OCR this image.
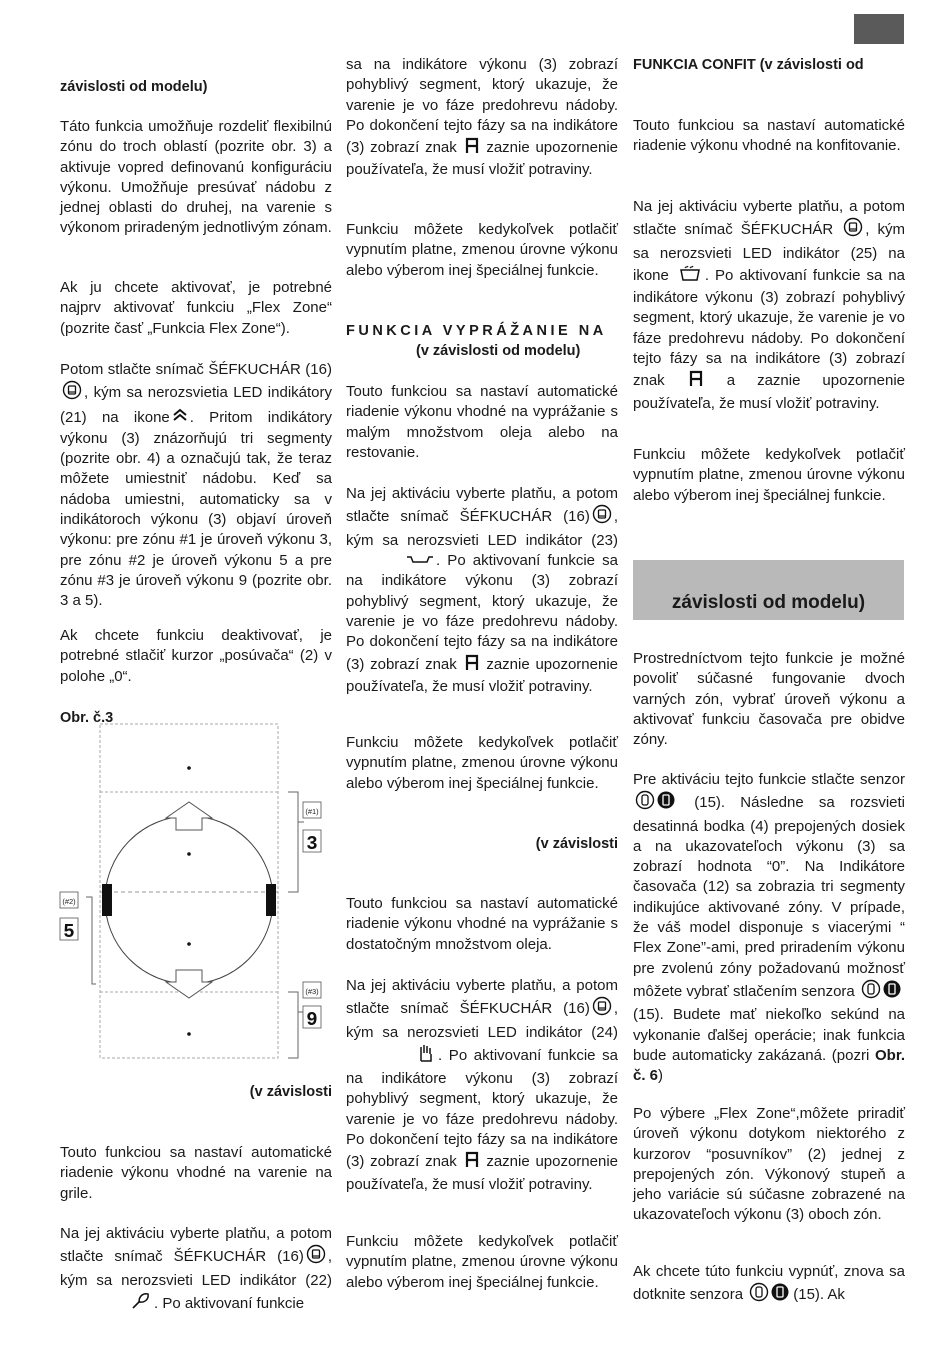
závislosti od modelu)
Táto funkcia umožňuje rozdeliť flexibilnú zónu do troch oblastí (pozrite obr. 3) a aktivuje vopred definovanú konfiguráciu výkonu. Umožňuje presúvať nádobu z jednej oblasti do druhej, na varenie s výkonom priradeným jednotlivým zónam.
Ak ju chcete aktivovať, je potrebné najprv aktivovať funkciu „Flex Zone“ (pozrite časť „Funkcia Flex Zone“).
Potom stlačte snímač ŠÉFKUCHÁR (16), kým sa nerozsvietia LED indikátory (21) na ikone . Pritom indikátory výkonu (3) znázorňujú tri segmenty (pozrite obr. 4) a označujú tak, že teraz môžete umiestniť nádobu. Keď sa nádoba umiestni, automaticky sa v indikátoroch výkonu (3) objaví úroveň výkonu: pre zónu #1 je úroveň výkonu 3, pre zónu #2 je úroveň výkonu 5 a pre zónu #3 je úroveň výkonu 9 (pozrite obr. 3 a 5).
Ak chcete funkciu deaktivovať, je potrebné stlačiť kurzor „posúvača“ (2) v polohe „0“.
Obr. č.3
(v závislosti
Touto funkciou sa nastaví automatické riadenie výkonu vhodné na varenie na grile.
Na jej aktiváciu vyberte platňu, a potom stlačte snímač ŠÉFKUCHÁR (16) , kým sa nerozsvieti LED indikátor (22) . Po aktivovaní funkcie
(#1)
3
(#2)
5
(#3)
9
sa na indikátore výkonu (3) zobrazí pohyblivý segment, ktorý ukazuje, že varenie je vo fáze predohrevu nádoby. Po dokončení tejto fázy sa na indikátore (3) zobrazí znak zaznie upozornenie používateľa, že musí vložiť potraviny.
Funkciu môžete kedykoľvek potlačiť vypnutím platne, zmenou úrovne výkonu alebo výberom inej špeciálnej funkcie.
FUNKCIA VYPRÁŽANIE NA
(v závislosti od modelu)
Touto funkciou sa nastaví automatické riadenie výkonu vhodné na vyprážanie s malým množstvom oleja alebo na restovanie.
Na jej aktiváciu vyberte platňu, a potom stlačte snímač ŠÉFKUCHÁR (16) , kým sa nerozsvieti LED indikátor (23) . Po aktivovaní funkcie sa na indikátore výkonu (3) zobrazí pohyblivý segment, ktorý ukazuje, že varenie je vo fáze predohrevu nádoby. Po dokončení tejto fázy sa na indikátore (3) zobrazí znak zaznie upozornenie používateľa, že musí vložiť potraviny.
Funkciu môžete kedykoľvek potlačiť vypnutím platne, zmenou úrovne výkonu alebo výberom inej špeciálnej funkcie.
(v závislosti
Touto funkciou sa nastaví automatické riadenie výkonu vhodné na vyprážanie s dostatočným množstvom oleja.
Na jej aktiváciu vyberte platňu, a potom stlačte snímač ŠÉFKUCHÁR (16) , kým sa nerozsvieti LED indikátor (24) . Po aktivovaní funkcie sa na indikátore výkonu (3) zobrazí pohyblivý segment, ktorý ukazuje, že varenie je vo fáze predohrevu nádoby. Po dokončení tejto fázy sa na indikátore (3) zobrazí znak zaznie upozornenie používateľa, že musí vložiť potraviny.
Funkciu môžete kedykoľvek potlačiť vypnutím platne, zmenou úrovne výkonu alebo výberom inej špeciálnej funkcie.
FUNKCIA CONFIT (v závislosti od
Touto funkciou sa nastaví automatické riadenie výkonu vhodné na konfitovanie.
Na jej aktiváciu vyberte platňu, a potom stlačte snímač ŠÉFKUCHÁR , kým sa nerozsvieti LED indikátor (25) na ikone . Po aktivovaní funkcie sa na indikátore výkonu (3) zobrazí pohyblivý segment, ktorý ukazuje, že varenie je vo fáze predohrevu nádoby. Po dokončení tejto fázy sa na indikátore (3) zobrazí znak	a zaznie upozornenie používateľa, že musí vložiť potraviny.
Funkciu môžete kedykoľvek potlačiť vypnutím platne, zmenou úrovne výkonu alebo výberom inej špeciálnej funkcie.
Prostredníctvom tejto funkcie je možné povoliť súčasné fungovanie dvoch varných zón, vybrať úroveň výkonu a aktivovať funkciu časovača pre obidve zóny.
Pre aktiváciu tejto funkcie stlačte senzor  (15). Následne sa rozsvieti desatinná bodka (4) prepojených dosiek a na ukazovateľoch výkonu (3) sa zobrazí hodnota “0”. Na Indikátore časovača (12) sa zobrazia tri segmenty indikujúce aktivované zóny. V prípade, že váš model disponuje s viacerými “ Flex Zone”-ami, pred priradením výkonu pre zvolenú zóny požadovanú možnosť môžete vybrať stlačením senzora  (15). Budete mať niekoľko sekúnd na vykonanie ďalšej operácie; inak funkcia bude automaticky zakázaná. (pozri Obr. č. 6)
Po výbere „Flex Zone“,môžete priradiť úroveň výkonu dotykom niektorého z kurzorov “posuvníkov” (2) jednej z prepojených zón. Výkonový stupeň a jeho variácie sú súčasne zobrazené na ukazovateľoch výkonu (3) oboch zón.
Ak chcete túto funkciu vypnúť, znova sa dotknite senzora	(15). Ak
závislosti od modelu)
